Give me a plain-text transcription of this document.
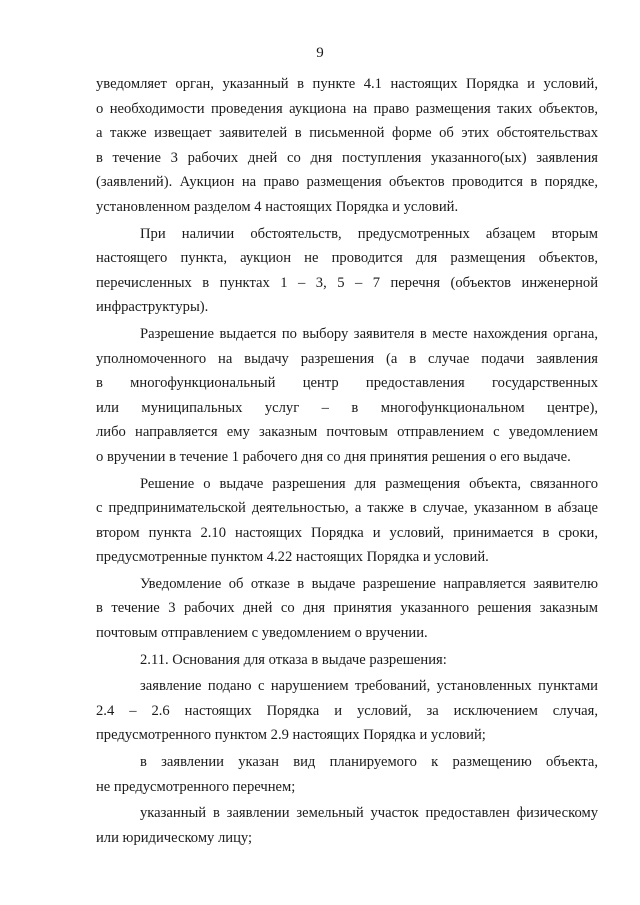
9
уведомляет орган, указанный в пункте 4.1 настоящих Порядка и условий,
о необходимости проведения аукциона на право размещения таких объектов,
а также извещает заявителей в письменной форме об этих обстоятельствах
в течение 3 рабочих дней со дня поступления указанного(ых) заявления
(заявлений). Аукцион на право размещения объектов проводится в порядке,
установленном разделом 4 настоящих Порядка и условий.
При наличии обстоятельств, предусмотренных абзацем вторым
настоящего пункта, аукцион не проводится для размещения объектов,
перечисленных в пунктах 1 – 3, 5 – 7 перечня (объектов инженерной
инфраструктуры).
Разрешение выдается по выбору заявителя в месте нахождения органа,
уполномоченного на выдачу разрешения (а в случае подачи заявления
в многофункциональный центр предоставления государственных
или муниципальных услуг – в многофункциональном центре),
либо направляется ему заказным почтовым отправлением с уведомлением
о вручении в течение 1 рабочего дня со дня принятия решения о его выдаче.
Решение о выдаче разрешения для размещения объекта, связанного
с предпринимательской деятельностью, а также в случае, указанном в абзаце
втором пункта 2.10 настоящих Порядка и условий, принимается в сроки,
предусмотренные пунктом 4.22 настоящих Порядка и условий.
Уведомление об отказе в выдаче разрешение направляется заявителю
в течение 3 рабочих дней со дня принятия указанного решения заказным
почтовым отправлением с уведомлением о вручении.
2.11. Основания для отказа в выдаче разрешения:
заявление подано с нарушением требований, установленных пунктами
2.4 – 2.6 настоящих Порядка и условий, за исключением случая,
предусмотренного пунктом 2.9 настоящих Порядка и условий;
в заявлении указан вид планируемого к размещению объекта,
не предусмотренного перечнем;
указанный в заявлении земельный участок предоставлен физическому
или юридическому лицу;
